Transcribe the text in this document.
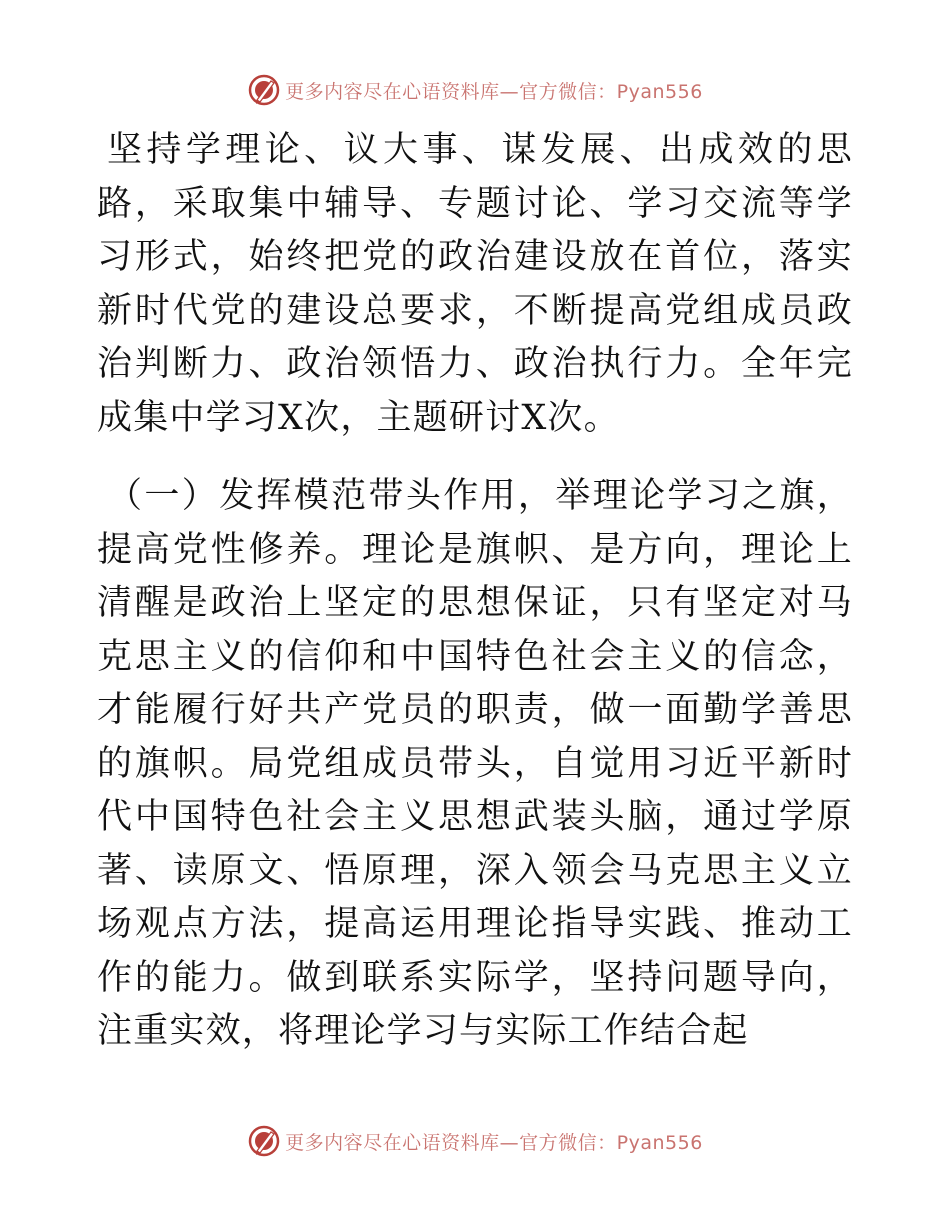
更多内容尽在心语资料库—官方微信：Pyan556

坚持学理论、议大事、谋发展、出成效的思路，采取集中辅导、专题讨论、学习交流等学习形式，始终把党的政治建设放在首位，落实新时代党的建设总要求，不断提高党组成员政治判断力、政治领悟力、政治执行力。全年完成集中学习X次，主题研讨X次。

（一）发挥模范带头作用，举理论学习之旗，提高党性修养。理论是旗帜、是方向，理论上清醒是政治上坚定的思想保证，只有坚定对马克思主义的信仰和中国特色社会主义的信念，才能履行好共产党员的职责，做一面勤学善思的旗帜。局党组成员带头，自觉用习近平新时代中国特色社会主义思想武装头脑，通过学原著、读原文、悟原理，深入领会马克思主义立场观点方法，提高运用理论指导实践、推动工作的能力。做到联系实际学，坚持问题导向，注重实效，将理论学习与实际工作结合起

更多内容尽在心语资料库—官方微信：Pyan556
